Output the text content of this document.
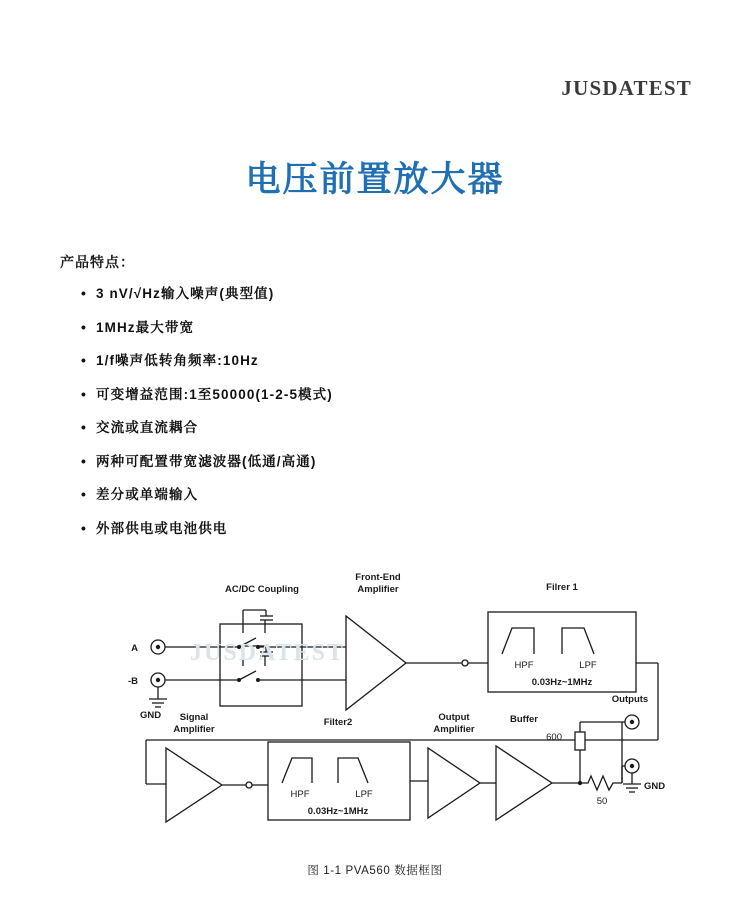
JUSDATEST
电压前置放大器
产品特点：
• 3 nV/√Hz输入噪声(典型值)
• 1MHz最大带宽
• 1/f噪声低转角频率:10Hz
• 可变增益范围:1至50000(1-2-5模式)
• 交流或直流耦合
• 两种可配置带宽滤波器(低通/高通)
• 差分或单端输入
• 外部供电或电池供电
AC/DC Coupling
Front-End
Amplifier	Filrer 1
HPF	LPF
0.03Hz~1MHz
Signal
Amplifier
Filter2
HPF	LPF
0.03Hz~1MHz
Output
Amplifier
Buffer
Outputs
A
-B
GND
GND
600
50
JUSDATEST
图 1-1 PVA560 数据框图
